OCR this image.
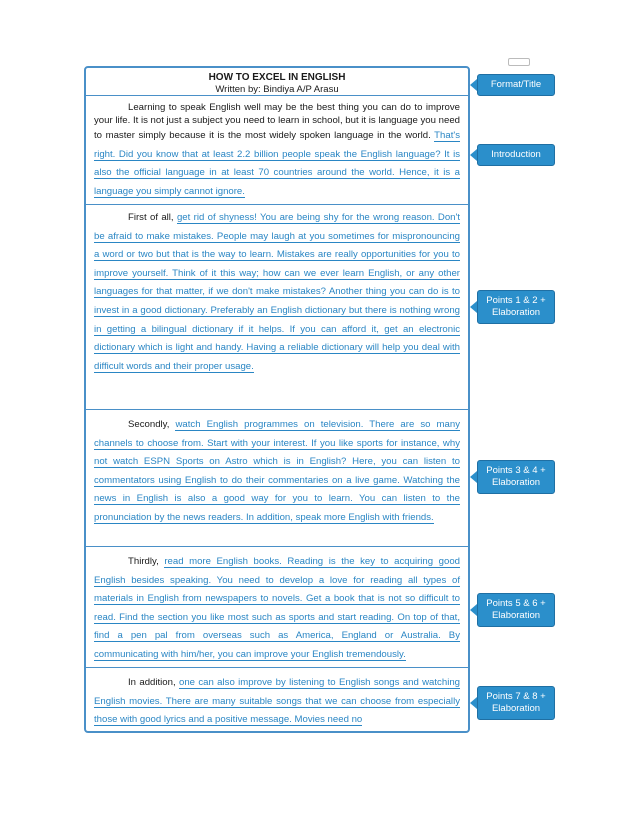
HOW TO EXCEL IN ENGLISH
Written by: Bindiya A/P Arasu

Learning to speak English well may be the best thing you can do to improve your life. It is not just a subject you need to learn in school, but it is language you need to master simply because it is the most widely spoken language in the world. That's right. Did you know that at least 2.2 billion people speak the English language? It is also the official language in at least 70 countries around the world. Hence, it is a language you simply cannot ignore.

First of all, get rid of shyness! You are being shy for the wrong reason. Don't be afraid to make mistakes. People may laugh at you sometimes for mispronouncing a word or two but that is the way to learn. Mistakes are really opportunities for you to improve yourself. Think of it this way; how can we ever learn English, or any other languages for that matter, if we don't make mistakes? Another thing you can do is to invest in a good dictionary. Preferably an English dictionary but there is nothing wrong in getting a bilingual dictionary if it helps. If you can afford it, get an electronic dictionary which is light and handy. Having a reliable dictionary will help you deal with difficult words and their proper usage.

Secondly, watch English programmes on television. There are so many channels to choose from. Start with your interest. If you like sports for instance, why not watch ESPN Sports on Astro which is in English? Here, you can listen to commentators using English to do their commentaries on a live game. Watching the news in English is also a good way for you to learn. You can listen to the pronunciation by the news readers. In addition, speak more English with friends.

Thirdly, read more English books. Reading is the key to acquiring good English besides speaking. You need to develop a love for reading all types of materials in English from newspapers to novels. Get a book that is not so difficult to read. Find the section you like most such as sports and start reading. On top of that, find a pen pal from overseas such as America, England or Australia. By communicating with him/her, you can improve your English tremendously.

In addition, one can also improve by listening to English songs and watching English movies. There are many suitable songs that we can choose from especially those with good lyrics and a positive message. Movies need no

Format/Title
Introduction
Points 1 & 2 +
Elaboration
Points 3 & 4 +
Elaboration
Points 5 & 6 +
Elaboration
Points 7 & 8 +
Elaboration
